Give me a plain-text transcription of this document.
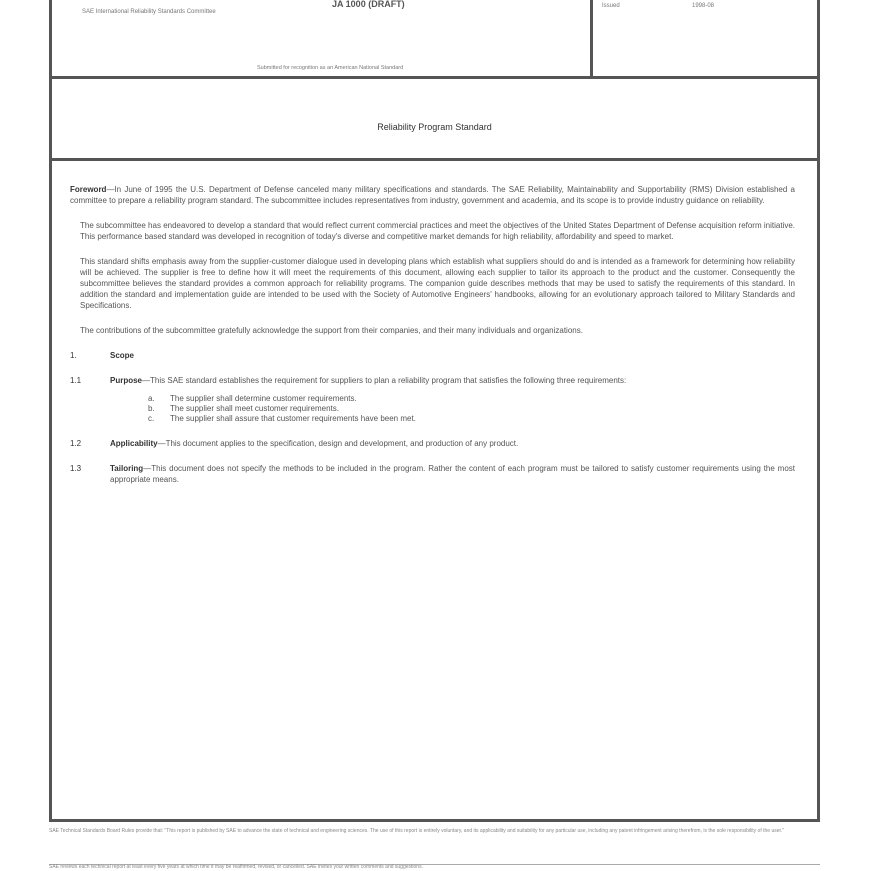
SAE International Reliability Standards Committee
JA 1000 (DRAFT)
Submitted for recognition as an American National Standard
Issued	1998-08
Reliability Program Standard

Foreword—In June of 1995 the U.S. Department of Defense canceled many military specifications and standards. The SAE Reliability, Maintainability and Supportability (RMS) Division established a committee to prepare a reliability program standard. The subcommittee includes representatives from industry, government and academia, and its scope is to provide industry guidance on reliability.

The subcommittee has endeavored to develop a standard that would reflect current commercial practices and meet the objectives of the United States Department of Defense acquisition reform initiative. This performance based standard was developed in recognition of today's diverse and competitive market demands for high reliability, affordability and speed to market.

This standard shifts emphasis away from the supplier-customer dialogue used in developing plans which establish what suppliers should do and is intended as a framework for determining how reliability will be achieved. The supplier is free to define how it will meet the requirements of this document, allowing each supplier to tailor its approach to the product and the customer. Consequently the subcommittee believes the standard provides a common approach for reliability programs. The companion guide describes methods that may be used to satisfy the requirements of this standard. In addition the standard and implementation guide are intended to be used with the Society of Automotive Engineers' handbooks, allowing for an evolutionary approach tailored to Military Standards and Specifications.

The contributions of the subcommittee gratefully acknowledge the support from their companies, and their many individuals and organizations.

1.	Scope
1.1	Purpose—This SAE standard establishes the requirement for suppliers to plan a reliability program that satisfies the following three requirements:
a.	The supplier shall determine customer requirements.
b.	The supplier shall meet customer requirements.
c.	The supplier shall assure that customer requirements have been met.
1.2	Applicability—This document applies to the specification, design and development, and production of any product.
1.3	Tailoring—This document does not specify the methods to be included in the program. Rather the content of each program must be tailored to satisfy customer requirements using the most appropriate means.
SAE Technical Standards Board Rules provide that: "This report is published by SAE to advance the state of technical and engineering sciences. The use of this report is entirely voluntary, and its applicability and suitability for any particular use, including any patent infringement arising therefrom, is the sole responsibility of the user."
SAE reviews each technical report at least every five years at which time it may be reaffirmed, revised, or cancelled. SAE invites your written comments and suggestions.
